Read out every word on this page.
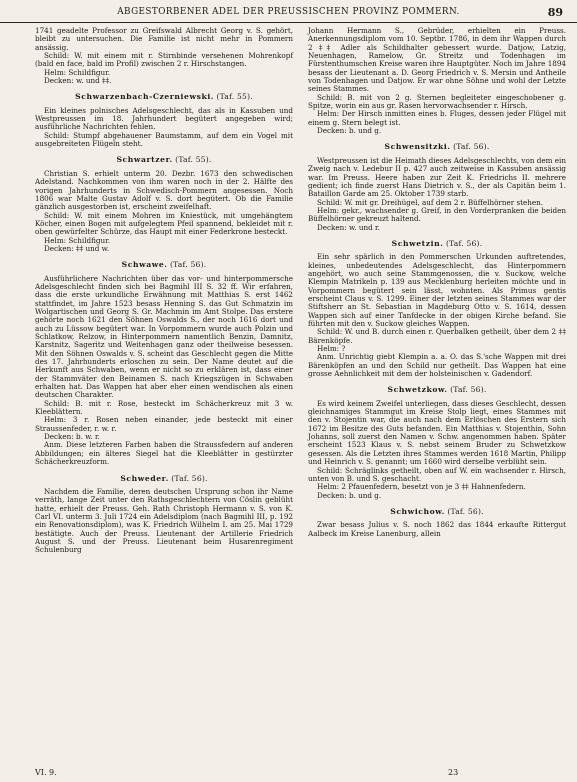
ABGESTORBENER ADEL DER PREUSSISCHEN PROVINZ POMMERN.	89

1741 geadelte Professor zu Greifswald Albrecht Georg v. S. gehört, bleibt zu untersuchen. Die Familie ist nicht mehr in Pommern ansässig.

Schild: W. mit einem mit r. Stirnbinde versehenen Mohrenkopf (bald en face, bald im Profil) zwischen 2 r. Hirschstangen.

Helm: Schildfigur.

Decken: w. und ‡‡.

Schwarzenbach-Czerniewski. (Taf. 55).

Ein kleines polnisches Adelsgeschlecht, das als in Kassuben und Westpreussen im 18. Jahrhundert begütert angegeben wird; ausführliche Nachrichten fehlen.

Schild: Stumpf abgehauener Baumstamm, auf dem ein Vogel mit ausgebreiteten Flügeln steht.

Schwartzer. (Taf. 55).

Christian S. erhielt unterm 20. Dezbr. 1673 den schwedischen Adelstand. Nachkommen von ihm waren noch in der 2. Hälfte des vorigen Jahrhunderts in Schwedisch-Pommern angesessen. Noch 1806 war Malte Gustav Adolf v. S. dort begütert. Ob die Familie gänzlich ausgestorben ist, erscheint zweifelhaft.

Schild: W. mit einem Mohren im Kniestück, mit umgehängtem Köcher, einen Bogen mit aufgelegtem Pfeil spannend, bekleidet mit r. oben gewürfelter Schürze, das Haupt mit einer Federkrone besteckt.

Helm: Schildfigur.

Decken: ‡‡ und w.

Schwawe. (Taf. 56).

Ausführlichere Nachrichten über das vor- und hinterpommersche Adelsgeschlecht finden sich bei Bagmihl III S. 32 ff. Wir erfahren, dass die erste urkundliche Erwähnung mit Matthias S. erst 1462 stattfindet, im Jahre 1523 besass Henning S. das Gut Schmatzin im Wolgartischen und Georg S. Gr. Machmin im Amt Stolpe. Das erstere gehörte noch 1621 den Söhnen Oswalds S., der noch 1616 dort und auch zu Lüssow begütert war. In Vorpommern wurde auch Polzin und Schlatkow, Relzow, in Hinterpommern namentlich Benzin, Damnitz, Karstnitz, Sageritz und Weitenhagen ganz oder theilweise besessen. Mit den Söhnen Oswalds v. S. scheint das Geschlecht gegen die Mitte des 17. Jahrhunderts erloschen zu sein. Der Name deutet auf die Herkunft aus Schwaben, wenn er nicht so zu erklären ist, dass einer der Stammväter den Beinamen S. nach Kriegszügen in Schwaben erhalten hat. Das Wappen hat aber eher einen wendischen als einen deutschen Charakter.

Schild: B. mit r. Rose, besteckt im Schächerkreuz mit 3 w. Kleeblättern.

Helm: 3 r. Rosen neben einander, jede besteckt mit einer Straussenfeder, r. w. r.

Decken: b. w. r.

Anm. Diese letzteren Farben haben die Straussfedern auf anderen Abbildungen; ein älteres Siegel hat die Kleeblätter in gestürzter Schächerkreuzform.

Schweder. (Taf. 56).

Nachdem die Familie, deren deutschen Ursprung schon ihr Name verräth, lange Zeit unter den Rathsgeschlechtern von Cöslin geblüht hatte, erhielt der Preuss. Geh. Rath Christoph Hermann v. S. von K. Carl VI. unterm 3. Juli 1724 ein Adelsdiplom (nach Bagmihl III, p. 192 ein Renovationsdiplom), was K. Friedrich Wilhelm I. am 25. Mai 1729 bestätigte. Auch der Preuss. Lieutenant der Artillerie Friedrich August S. und der Preuss. Lieutenant beim Husarenregiment Schulenburg

Johann Hermann S., Gebrüder, erhielten ein Preuss. Anerkennungsdiplom vom 10. Septbr. 1786, in dem ihr Wappen durch 2 ‡‡ Adler als Schildhalter gebessert wurde. Datjow, Latzig, Neuenhagen, Ramelow, Gr. Streitz und Todenhagen im Fürstenthumschen Kreise waren ihre Hauptgüter. Noch im Jahre 1894 besass der Lieutenant a. D. Georg Friedrich v. S. Mersin und Antheile von Todenhagen und Datjow. Er war ohne Söhne und wohl der Letzte seines Stammes.

Schild: B. mit von 2 g. Sternen begleiteter eingeschobener g. Spitze, worin ein aus gr. Rasen hervorwachsender r. Hirsch.

Helm: Der Hirsch inmitten eines b. Fluges, dessen jeder Flügel mit einem g. Stern belegt ist.

Decken: b. und g.

Schwensitzki. (Taf. 56).

Westpreussen ist die Heimath dieses Adelsgeschlechts, von dem ein Zweig nach v. Ledebur II p. 427 auch zeitweise in Kassuben ansässig war. Im Preuss. Heere haben zur Zeit K. Friedrichs II. mehrere gedient; ich finde zuerst Hans Dietrich v. S., der als Capitän beim 1. Bataillon Garde am 25. Oktober 1739 starb.

Schild: W. mit gr. Dreihügel, auf dem 2 r. Büffelhörner stehen.

Helm: gekr., wachsender g. Greif, in den Vorderpranken die beiden Büffelhörner gekreuzt haltend.

Decken: w. und r.

Schwetzin. (Taf. 56).

Ein sehr spärlich in den Pommerschen Urkunden auftretendes, kleines, unbedeutendes Adelsgeschlecht, das Hinterpommern angehört, wo auch seine Stammgenossen, die v. Suckow, welche Klempin Matrikeln p. 139 aus Mecklenburg herleiten möchte und in Vorpommern begütert sein lässt, wohnten. Als Primus gentis erscheint Claus v. S. 1299. Einer der letzten seines Stammes war der Stiftsherr an St. Sebastian in Magdeburg Otto v. S. 1614, dessen Wappen sich auf einer Tanfdecke in der obigen Kirche befand. Sie führten mit den v. Suckow gleiches Wappen.

Schild: W. und B. durch einen r. Querbalken getheilt, über dem 2 ‡‡ Bärenköpfe.

Helm: ?

Anm. Unrichtig giebt Klempin a. a. O. das S.'sche Wappen mit drei Bärenköpfen an und den Schild nur getheilt. Das Wappen hat eine grosse Aehnlichkeit mit dem der holsteinischen v. Gadendorf.

Schwetzkow. (Taf. 56).

Es wird keinem Zweifel unterliegen, dass dieses Geschlecht, dessen gleichnamiges Stammgut im Kreise Stolp liegt, eines Stammes mit den v. Stojentin war, die auch nach dem Erlöschen des Erstern sich 1672 im Besitze des Guts befanden. Ein Matthias v. Stojenthin, Sohn Johanns, soll zuerst den Namen v. Schw. angenommen haben. Später erscheint 1523 Klaus v. S. nebst seinem Bruder zu Schwetzkow gesessen. Als die Letzten ihres Stammes werden 1618 Martin, Philipp und Heinrich v. S. genannt; um 1660 wird derselbe verblüht sein.

Schild: Schräglinks getheilt, oben auf W. ein wachsender r. Hirsch, unten von B. und S. geschacht.

Helm: 2 Pfauenfedern, besetzt von je 3 ‡‡ Hahnenfedern.

Decken: b. und g.

Schwichow. (Taf. 56).

Zwar besass Julius v. S. noch 1862 das 1844 erkaufte Rittergut Aalbeck im Kreise Lanenburg, allein

VI. 9.	23
